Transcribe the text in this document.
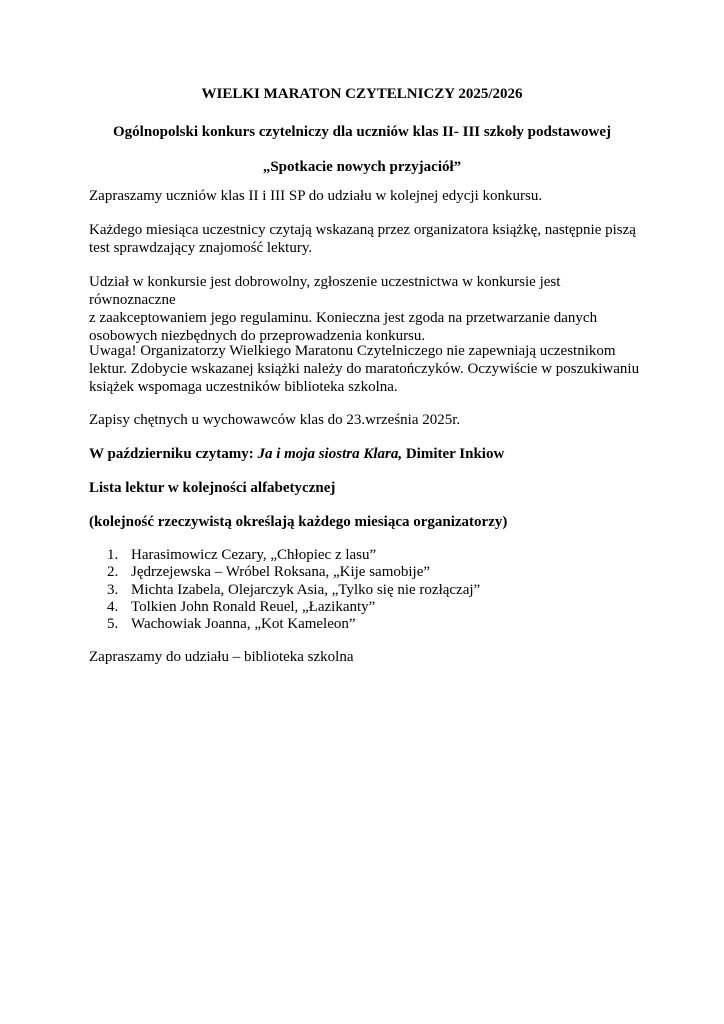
WIELKI MARATON CZYTELNICZY 2025/2026
Ogólnopolski konkurs czytelniczy dla uczniów klas II- III szkoły podstawowej
„Spotkacie nowych przyjaciół”

Zapraszamy uczniów klas II i III SP do udziału w kolejnej edycji konkursu.

Każdego miesiąca uczestnicy czytają wskazaną przez organizatora książkę, następnie piszą
test sprawdzający znajomość lektury.

Udział w konkursie jest dobrowolny, zgłoszenie uczestnictwa w konkursie jest równoznaczne
z zaakceptowaniem jego regulaminu. Konieczna jest zgoda na przetwarzanie danych
osobowych niezbędnych do przeprowadzenia konkursu.

Uwaga! Organizatorzy Wielkiego Maratonu Czytelniczego nie zapewniają uczestnikom
lektur. Zdobycie wskazanej książki należy do maratończyków. Oczywiście w poszukiwaniu
książek wspomaga uczestników biblioteka szkolna.

Zapisy chętnych u wychowawców klas do 23.września 2025r.

W październiku czytamy: Ja i moja siostra Klara, Dimiter Inkiow

Lista lektur w kolejności alfabetycznej

(kolejność rzeczywistą określają każdego miesiąca organizatorzy)

1. Harasimowicz Cezary, „Chłopiec z lasu”
2. Jędrzejewska – Wróbel Roksana, „Kije samobije”
3. Michta Izabela, Olejarczyk Asia, „Tylko się nie rozłączaj”
4. Tolkien John Ronald Reuel, „Łazikanty”
5. Wachowiak Joanna, „Kot Kameleon”

Zapraszamy do udziału – biblioteka szkolna
